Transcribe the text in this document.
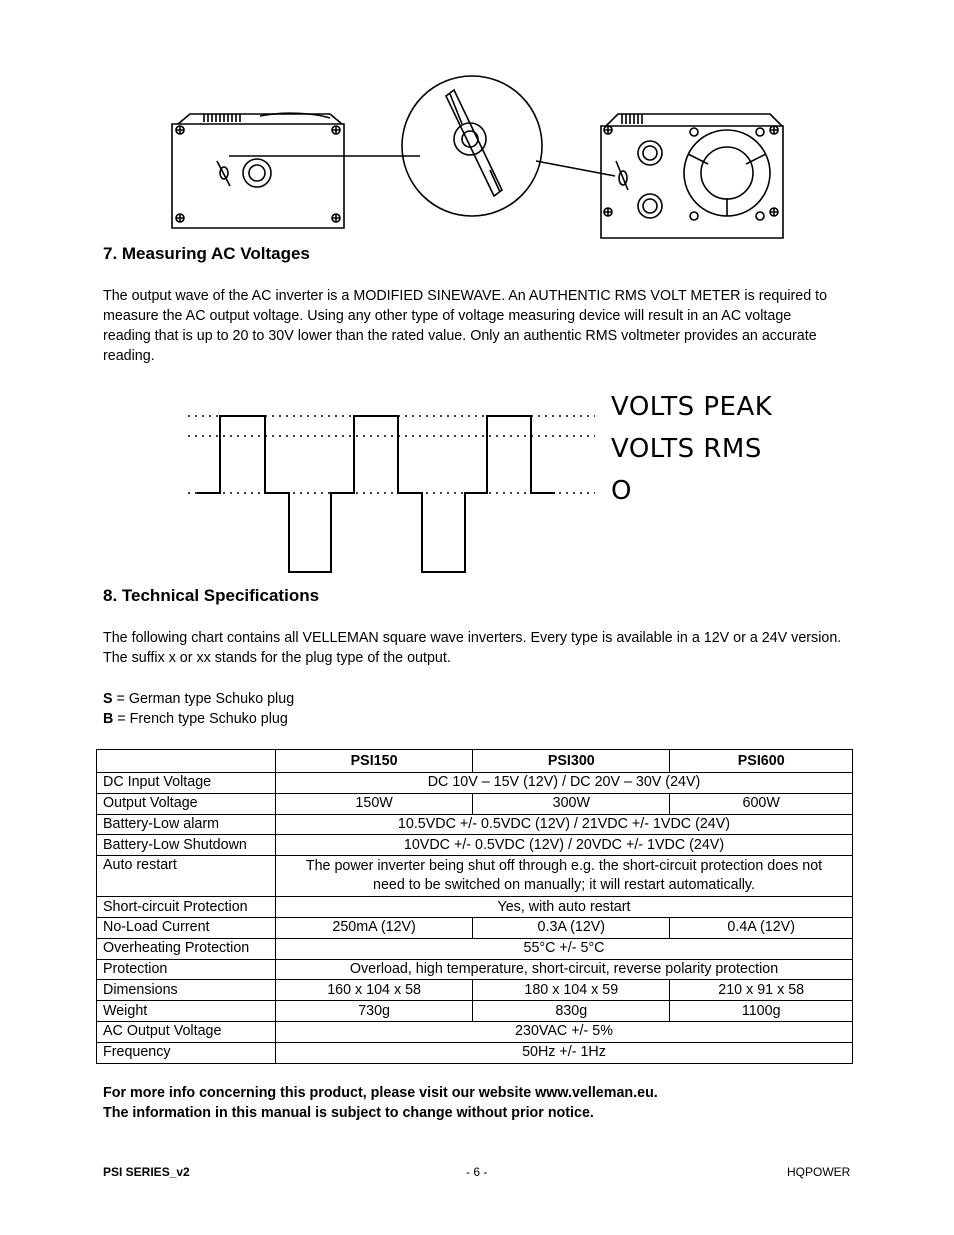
7. Measuring AC Voltages
The output wave of the AC inverter is a MODIFIED SINEWAVE. An AUTHENTIC RMS VOLT METER is required to
measure the AC output voltage. Using any other type of voltage measuring device will result in an AC voltage
reading that is up to 20 to 30V lower than the rated value. Only an authentic RMS voltmeter provides an accurate
reading.
VOLTS PEAK
VOLTS RMS
O
8. Technical Specifications
The following chart contains all VELLEMAN square wave inverters. Every type is available in a 12V or a 24V version.
The suffix x or xx stands for the plug type of the output.
S = German type Schuko plug
B = French type Schuko plug
	PSI150	PSI300	PSI600
DC Input Voltage	DC 10V – 15V (12V) / DC 20V – 30V (24V)		
Output Voltage	150W	300W	600W
Battery-Low alarm	10.5VDC +/- 0.5VDC (12V) / 21VDC +/- 1VDC (24V)		
Battery-Low Shutdown	10VDC +/- 0.5VDC (12V) / 20VDC +/- 1VDC (24V)		
Auto restart	The power inverter being shut off through e.g. the short-circuit protection does not
need to be switched on manually; it will restart automatically.		

Short-circuit Protection	Yes, with auto restart		
No-Load Current	250mA (12V)	0.3A (12V)	0.4A (12V)
Overheating Protection	55°C +/- 5°C		
Protection	Overload, high temperature, short-circuit, reverse polarity protection		
Dimensions	160 x 104 x 58	180 x 104 x 59	210 x 91 x 58
Weight	730g	830g	1100g
AC Output Voltage	230VAC +/- 5%		
Frequency	50Hz +/- 1Hz		
For more info concerning this product, please visit our website www.velleman.eu.
The information in this manual is subject to change without prior notice.
PSI SERIES_v2	- 6 -	HQPOWER
